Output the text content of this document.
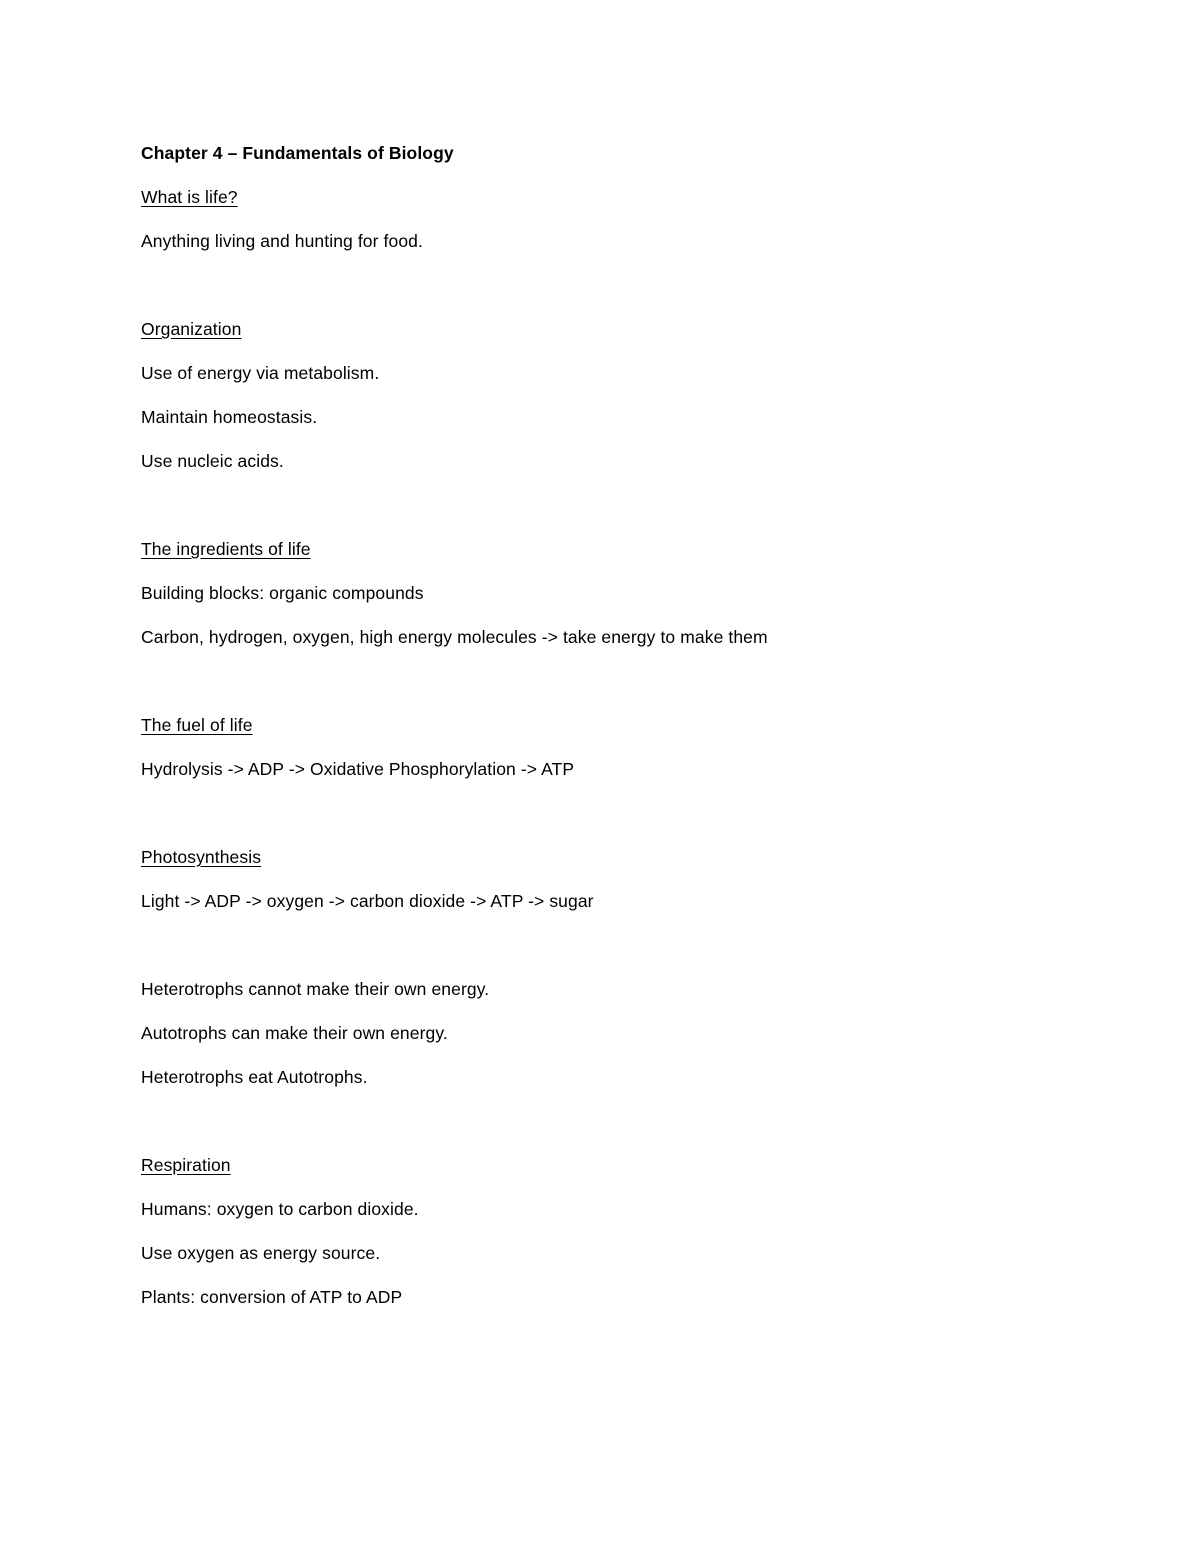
Chapter 4 – Fundamentals of Biology
What is life?
Anything living and hunting for food.
Organization
Use of energy via metabolism.
Maintain homeostasis.
Use nucleic acids.
The ingredients of life
Building blocks: organic compounds
Carbon, hydrogen, oxygen, high energy molecules -> take energy to make them
The fuel of life
Hydrolysis -> ADP -> Oxidative Phosphorylation -> ATP
Photosynthesis
Light -> ADP -> oxygen -> carbon dioxide -> ATP -> sugar
Heterotrophs cannot make their own energy.
Autotrophs can make their own energy.
Heterotrophs eat Autotrophs.
Respiration
Humans: oxygen to carbon dioxide.
Use oxygen as energy source.
Plants: conversion of ATP to ADP
